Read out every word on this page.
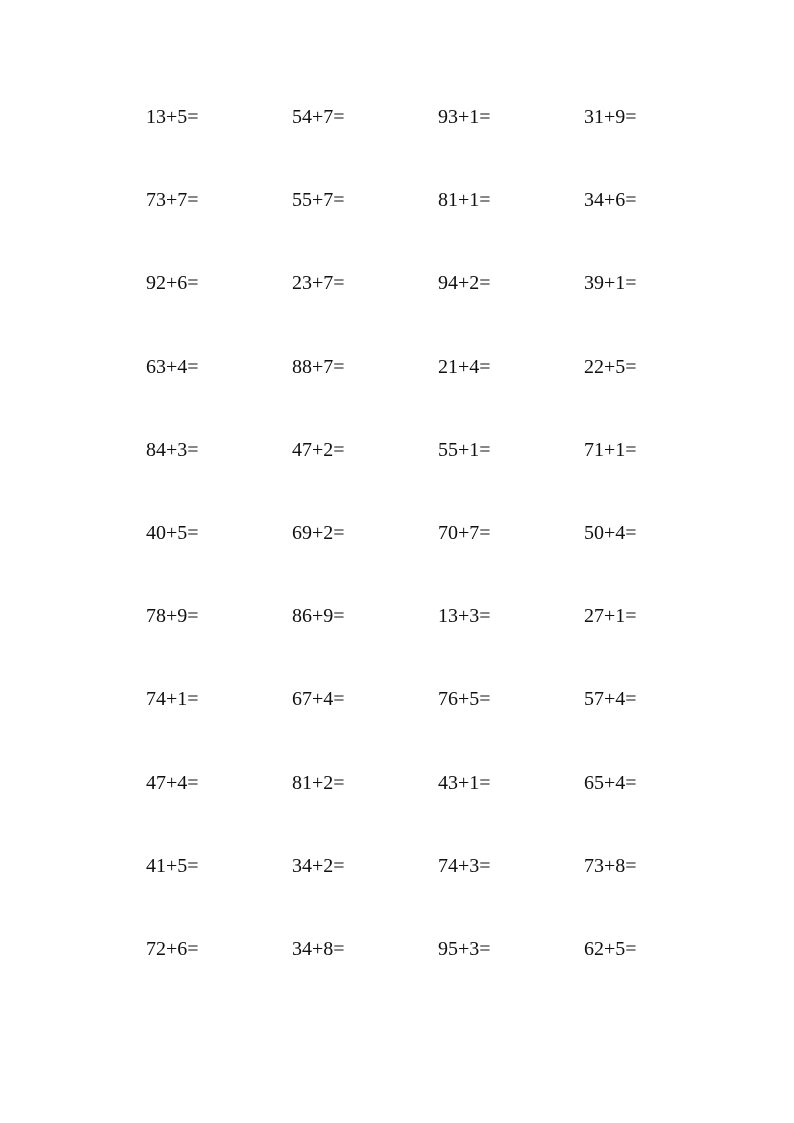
13+5=	54+7=	93+1=	31+9=
73+7=	55+7=	81+1=	34+6=
92+6=	23+7=	94+2=	39+1=
63+4=	88+7=	21+4=	22+5=
84+3=	47+2=	55+1=	71+1=
40+5=	69+2=	70+7=	50+4=
78+9=	86+9=	13+3=	27+1=
74+1=	67+4=	76+5=	57+4=
47+4=	81+2=	43+1=	65+4=
41+5=	34+2=	74+3=	73+8=
72+6=	34+8=	95+3=	62+5=
